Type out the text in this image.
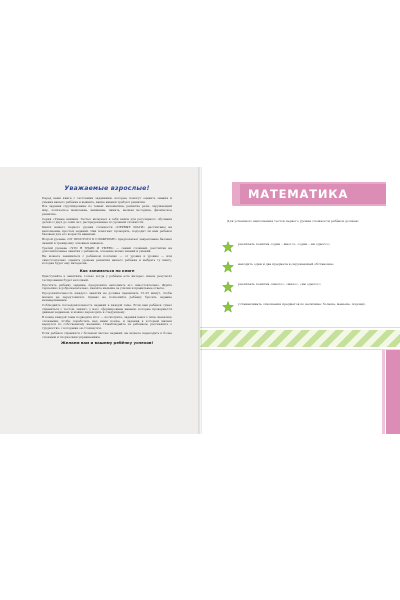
Уважаемые взрослые!

Перед вами книга с тестовыми заданиями, которые помогут оценить знания и умения вашего ребёнка и выявить, какие навыки требуют развития.

Все задания сгруппированы по темам: математика, развитие речи, окружающий мир, логическое мышление, внимание, память, мелкая моторика, физическое развитие.

Серия «Умные книжки. Тесты» включает в себя книги для регулярного обучения детей от двух до семи лет, распределённые по уровням сложности.

Книги нашего первого уровня сложности «ПЕРВЫЕ ШАГИ» рассчитаны на выполнение простых заданий. Они помогают проверить, подходит ли ваш ребёнок базовым для его возраста навыкам.

Второй уровень «ОТ ПРОСТОГО К СЛОЖНОМУ» предполагает закрепление базовых знаний и тренировку основных навыков.

Третий уровень «ЧТО Я ЗНАЮ И УМЕЮ» — самый сложный, рассчитан на дополнительные занятия с ребёнком, освоение новых знаний и умений.

Вы можете заниматься с ребёнком поэтапно — от уровня к уровню — или самостоятельно оценить уровень развития вашего ребёнка и выбрать ту книгу, которая будет ему интересна.

Как заниматься по книге

Приступайте к занятиям, только когда у ребёнка есть интерес, иначе результат тестирования будет неточный.

Прочтите ребёнку задание, предложите выполнить его самостоятельно. Ждите терпеливо и доброжелательно, хвалите малыша за усилия и правильные ответы.

Продолжительность каждого занятия не должна превышать 15–25 минут, чтобы малыш не переутомился. Однако не позволяйте ребёнку бросать задание незавершённым.

Соблюдайте последовательность заданий в каждой теме. Если вам ребёнок сумел справиться с тестом, значит, у него сформированы навыки, которые проверяются данным заданием, и можно переходить к следующему.

В конце каждой темы подведите итог — посмотрите, задания какого типа оказались сложными, чтобы поработать над ними позже, и задания к которым малыш вернулся по собственному желанию. Понаблюдайте за ребёнком, расскажите о трудностях, с которыми он столкнулся.

Если ребёнок справился с большей частью заданий, вы можете переходить к более сложным и творческим упражнениям.

Желаем вам и вашему ребёнку успехов!
МАТЕМАТИКА
Для успешного выполнения тестов первого уровня сложности ребёнок должен:
различать понятия «один – много», «один – ни одного»;
находить один и два предмета в окружающей обстановке;
различать понятия «много», «мало», «ни одного»;
устанавливать отношения предметов по величине: больше, меньше, поровну.
